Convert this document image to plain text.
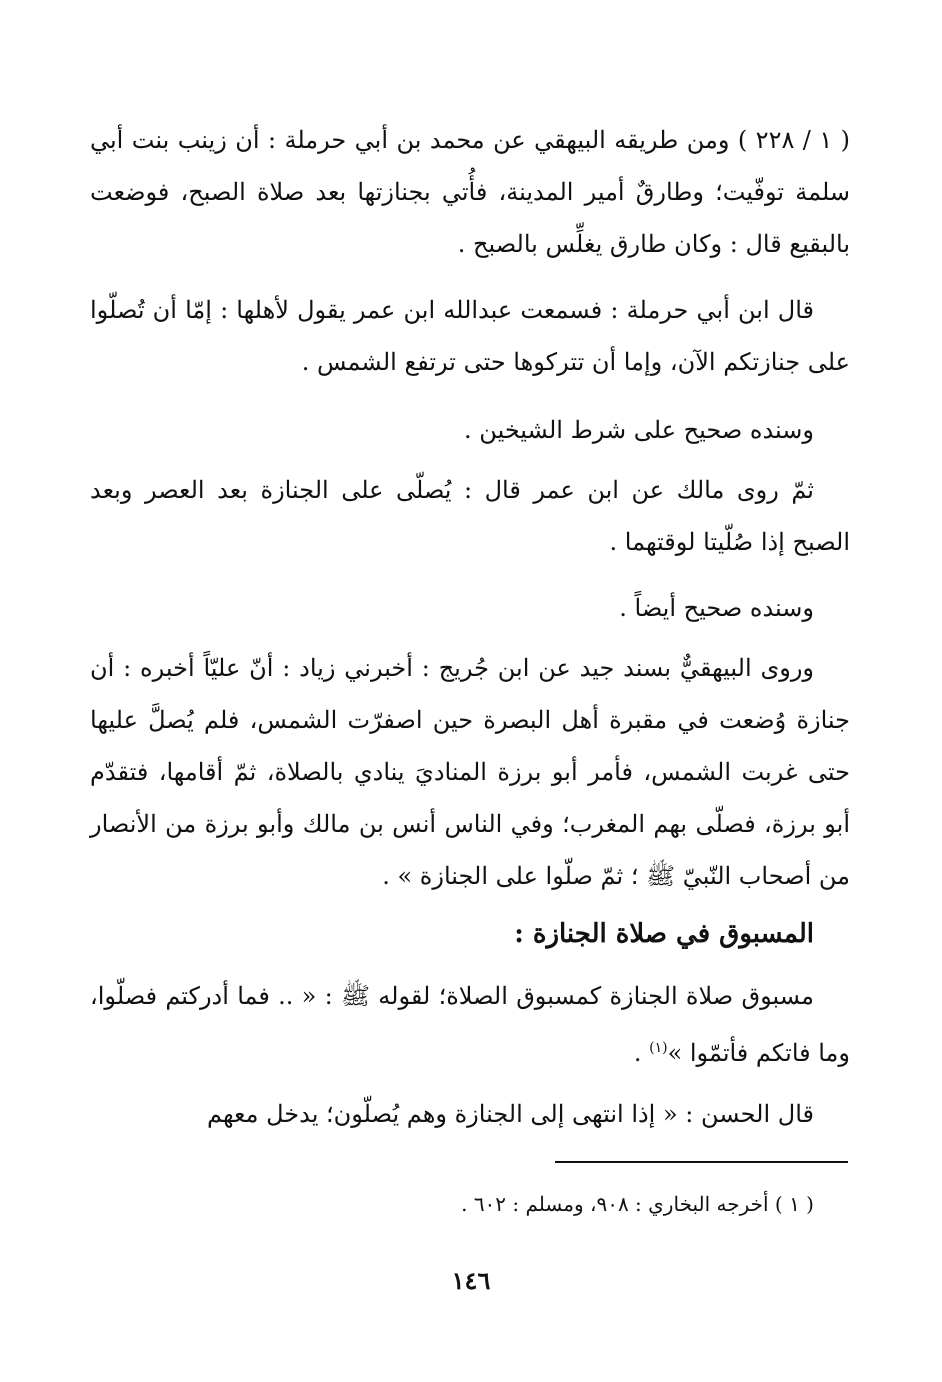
( ١ / ٢٢٨ ) ومن طريقه البيهقي عن محمد بن أبي حرملة : أن زينب بنت أبي سلمة توفّيت؛ وطارقٌ أمير المدينة، فأُتي بجنازتها بعد صلاة الصبح، فوضعت بالبقيع قال : وكان طارق يغلِّس بالصبح .

قال ابن أبي حرملة : فسمعت عبدالله ابن عمر يقول لأهلها : إمّا أن تُصلّوا على جنازتكم الآن، وإما أن تتركوها حتى ترتفع الشمس .

وسنده صحيح على شرط الشيخين .

ثمّ روى مالك عن ابن عمر قال : يُصلّى على الجنازة بعد العصر وبعد الصبح إذا صُلّيتا لوقتهما .

وسنده صحيح أيضاً .

وروى البيهقيٌّ بسند جيد عن ابن جُريج : أخبرني زياد : أنّ عليّاً أخبره : أن جنازة وُضعت في مقبرة أهل البصرة حين اصفرّت الشمس، فلم يُصلَّ عليها حتى غربت الشمس، فأمر أبو برزة المناديَ ينادي بالصلاة، ثمّ أقامها، فتقدّم أبو برزة، فصلّى بهم المغرب؛ وفي الناس أنس بن مالك وأبو برزة من الأنصار من أصحاب النّبيّ ﷺ ؛ ثمّ صلّوا على الجنازة » .

المسبوق في صلاة الجنازة :

مسبوق صلاة الجنازة كمسبوق الصلاة؛ لقوله ﷺ : « .. فما أدركتم فصلّوا، وما فاتكم فأتمّوا »$^{(١)}$ .

قال الحسن : « إذا انتهى إلى الجنازة وهم يُصلّون؛ يدخل معهم

( ١ ) أخرجه البخاري : ٩٠٨، ومسلم : ٦٠٢ .

١٤٦
